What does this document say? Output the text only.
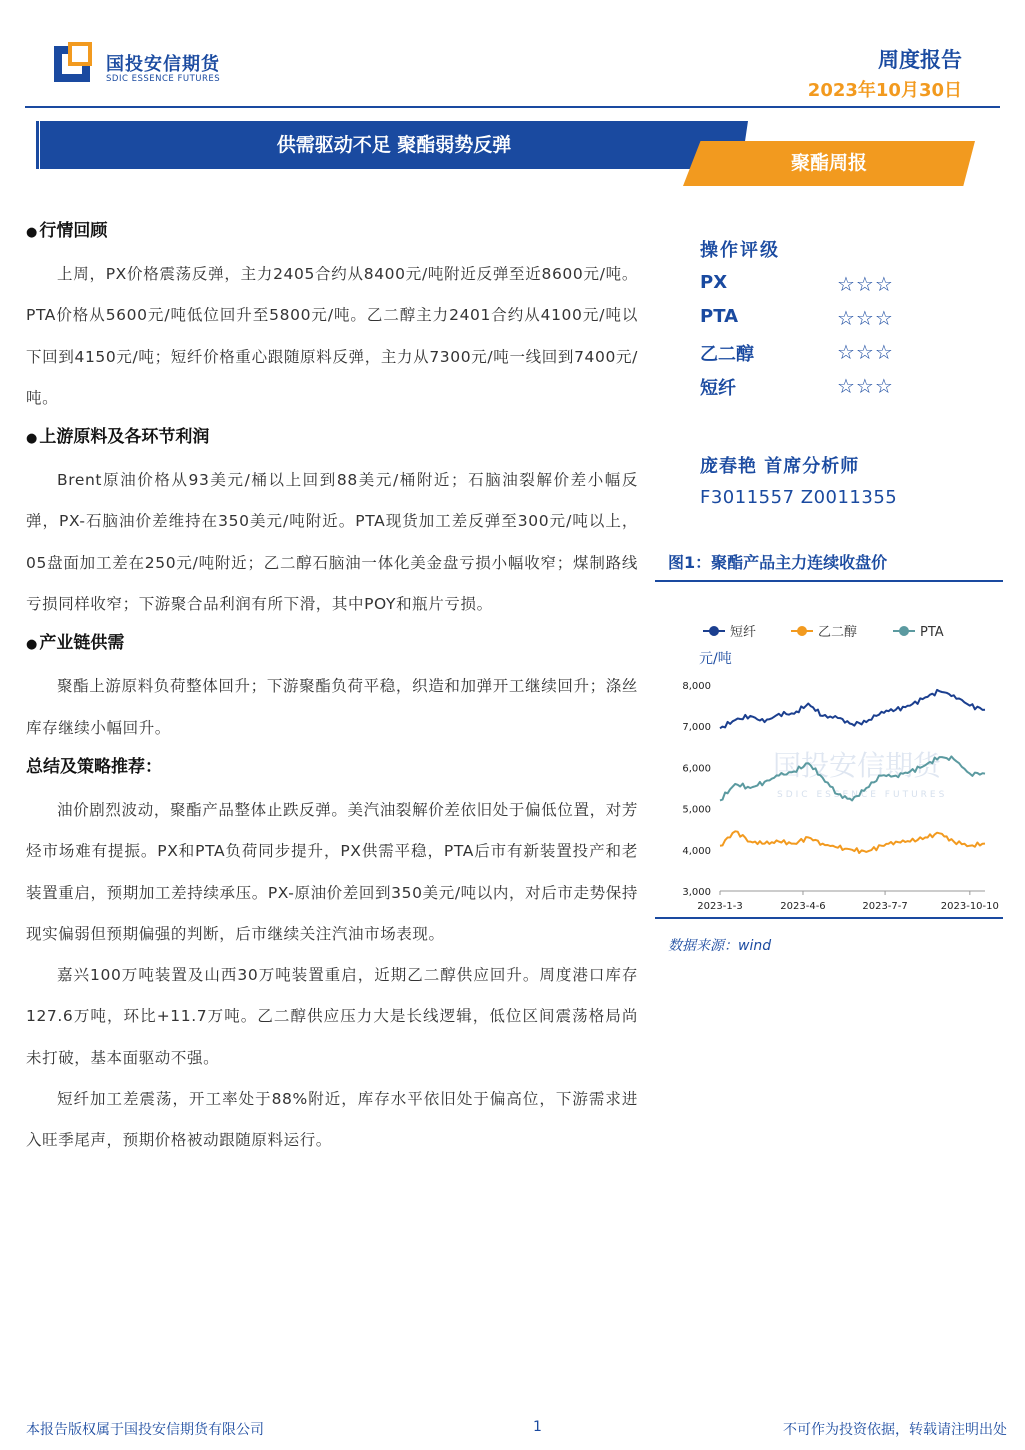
国投安信期货
SDIC ESSENCE FUTURES
周度报告
2023年10月30日
供需驱动不足 聚酯弱势反弹
聚酯周报
● 行情回顾

上周，PX价格震荡反弹，主力2405合约从8400元/吨附近反弹至近8600元/吨。PTA价格从5600元/吨低位回升至5800元/吨。乙二醇主力2401合约从4100元/吨以下回到4150元/吨；短纤价格重心跟随原料反弹，主力从7300元/吨一线回到7400元/吨。

● 上游原料及各环节利润

Brent原油价格从93美元/桶以上回到88美元/桶附近；石脑油裂解价差小幅反弹，PX-石脑油价差维持在350美元/吨附近。PTA现货加工差反弹至300元/吨以上，05盘面加工差在250元/吨附近；乙二醇石脑油一体化美金盘亏损小幅收窄；煤制路线亏损同样收窄；下游聚合品利润有所下滑，其中POY和瓶片亏损。

● 产业链供需

聚酯上游原料负荷整体回升；下游聚酯负荷平稳，织造和加弹开工继续回升；涤丝库存继续小幅回升。

总结及策略推荐：

油价剧烈波动，聚酯产品整体止跌反弹。美汽油裂解价差依旧处于偏低位置，对芳烃市场难有提振。PX和PTA负荷同步提升，PX供需平稳，PTA后市有新装置投产和老装置重启，预期加工差持续承压。PX-原油价差回到350美元/吨以内，对后市走势保持现实偏弱但预期偏强的判断，后市继续关注汽油市场表现。

嘉兴100万吨装置及山西30万吨装置重启，近期乙二醇供应回升。周度港口库存127.6万吨，环比+11.7万吨。乙二醇供应压力大是长线逻辑，低位区间震荡格局尚未打破，基本面驱动不强。

短纤加工差震荡，开工率处于88%附近，库存水平依旧处于偏高位，下游需求进入旺季尾声，预期价格被动跟随原料运行。

操作评级
PX	☆☆☆
PTA	☆☆☆
乙二醇	☆☆☆
短纤	☆☆☆
庞春艳 首席分析师
F3011557 Z0011355
图1：聚酯产品主力连续收盘价
国投安信期货
SDIC ESSENCE FUTURES
元/吨
短纤	乙二醇	PTA
3,000
4,000
5,000
6,000
7,000
8,000
2023-1-3	2023-4-6	2023-7-7	2023-10-10
数据来源：wind
本报告版权属于国投安信期货有限公司	1	不可作为投资依据，转载请注明出处
